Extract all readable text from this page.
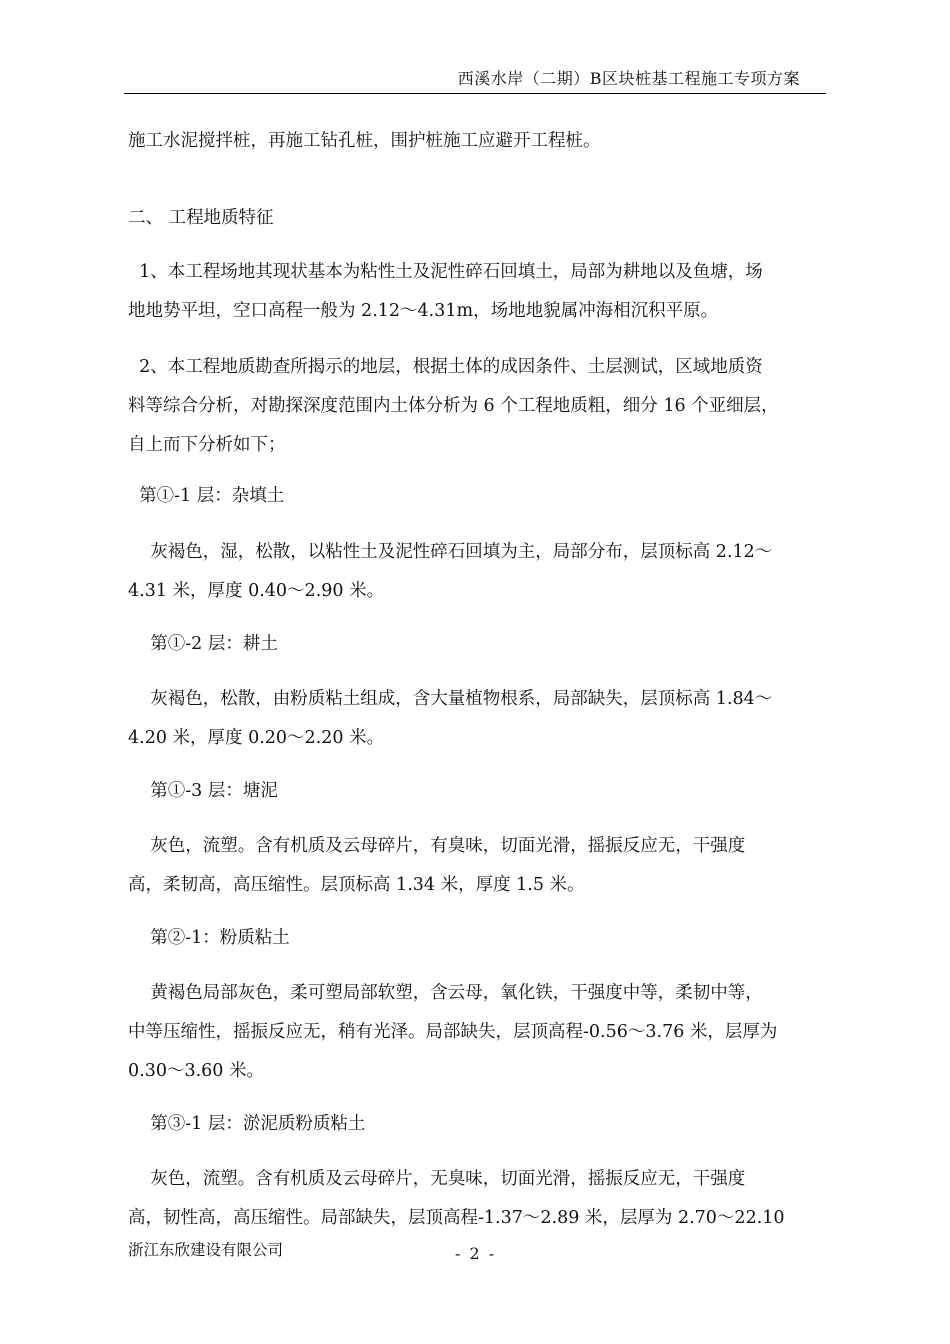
西溪水岸（二期）B区块桩基工程施工专项方案
施工水泥搅拌桩，再施工钻孔桩，围护桩施工应避开工程桩。
二、 工程地质特征
1、本工程场地其现状基本为粘性土及泥性碎石回填土，局部为耕地以及鱼塘，场
地地势平坦，空口高程一般为 2.12～4.31m，场地地貌属冲海相沉积平原。
2、本工程地质勘查所揭示的地层，根据土体的成因条件、土层测试，区域地质资
料等综合分析，对勘探深度范围内土体分析为 6 个工程地质粗，细分 16 个亚细层，
自上而下分析如下；
第①-1 层：杂填土
灰褐色，湿，松散，以粘性土及泥性碎石回填为主，局部分布，层顶标高 2.12～
4.31 米，厚度 0.40～2.90 米。
第①-2 层：耕土
灰褐色，松散，由粉质粘土组成，含大量植物根系，局部缺失，层顶标高 1.84～
4.20 米，厚度 0.20～2.20 米。
第①-3 层：塘泥
灰色，流塑。含有机质及云母碎片，有臭味，切面光滑，摇振反应无，干强度
高，柔韧高，高压缩性。层顶标高 1.34 米，厚度 1.5 米。
第②-1：粉质粘土
黄褐色局部灰色，柔可塑局部软塑，含云母，氧化铁，干强度中等，柔韧中等，
中等压缩性，摇振反应无，稍有光泽。局部缺失，层顶高程-0.56～3.76 米，层厚为
0.30～3.60 米。
第③-1 层：淤泥质粉质粘土
灰色，流塑。含有机质及云母碎片，无臭味，切面光滑，摇振反应无，干强度
高，韧性高，高压缩性。局部缺失，层顶高程-1.37～2.89 米，层厚为 2.70～22.10
浙江东欣建设有限公司	- 2 -
